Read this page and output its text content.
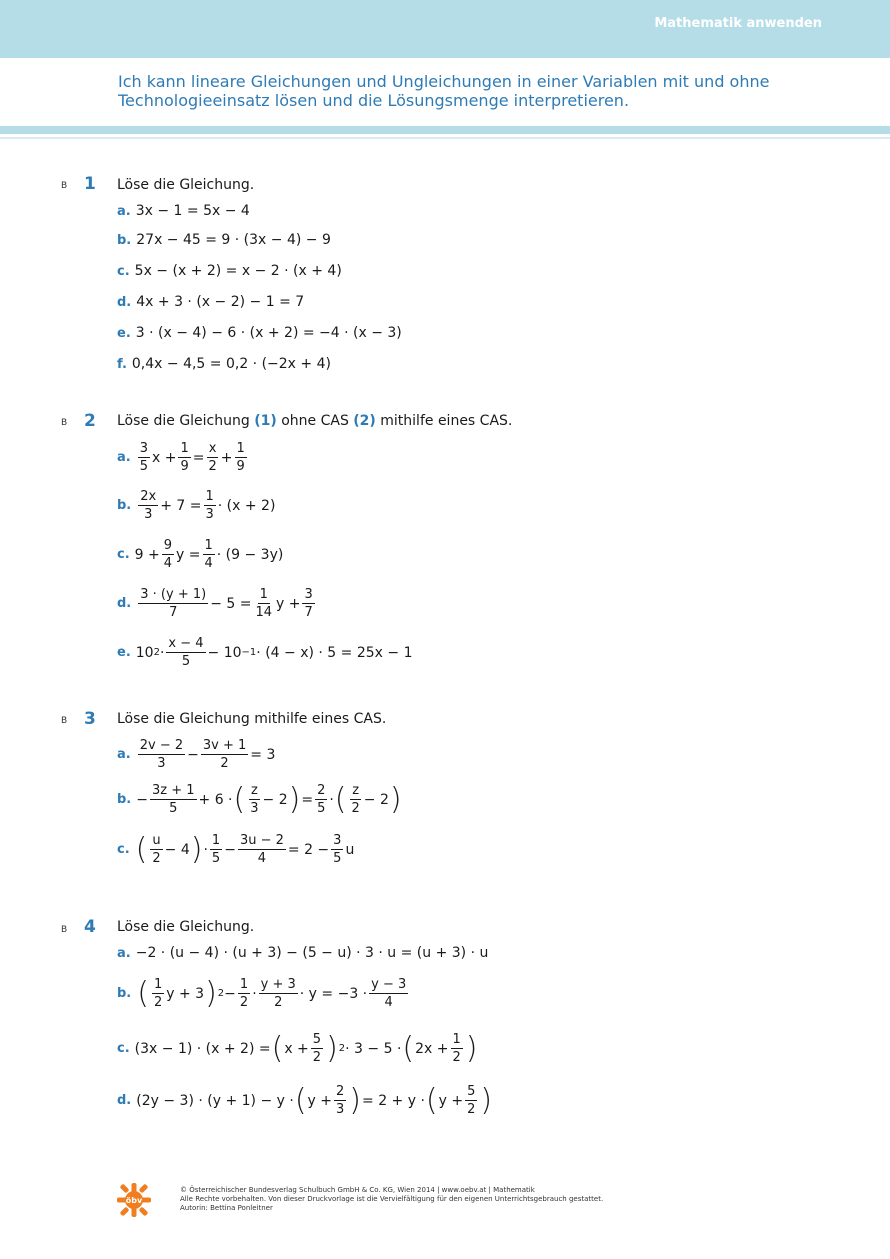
Mathematik anwenden
Ich kann lineare Gleichungen und Ungleichungen in einer Variablen mit und ohne Technologieeinsatz lösen und die Lösungsmenge interpretieren.
B 1 Löse die Gleichung.
a. 3x − 1 = 5x − 4
b. 27x − 45 = 9 · (3x − 4) − 9
c. 5x − (x + 2) = x − 2 · (x + 4)
d. 4x + 3 · (x − 2) − 1 = 7
e. 3 · (x − 4) − 6 · (x + 2) = −4 · (x − 3)
f. 0,4x − 4,5 = 0,2 · (−2x + 4)
B 2 Löse die Gleichung (1) ohne CAS (2) mithilfe eines CAS.
a.
3
5
x +
1
9
=
x
2
+
1
9
b.
2x
3
+ 7 =
1
3
· (x + 2)
c. 9 +
9
4
y =
1
4
· (9 − 3y)
d.
3 · (y + 1)
7
− 5 =
1
14
y +
3
7
e. 10 2 ·
x − 4
5
− 10 −1 · (4 − x) · 5 = 25x − 1
B 3 Löse die Gleichung mithilfe eines CAS.
a.
2v − 2
3
−
3v + 1
2
= 3
b. −
3z + 1
5
+ 6 · ( z
3
− 2 ) =
2
5
· ( z
2
− 2 )
c. ( u
2
− 4 ) ·
1
5
−
3u − 2
4
= 2 −
3
5
u
B 4 Löse die Gleichung.
a. −2 · (u − 4) · (u + 3) − (5 − u) · 3 · u = (u + 3) · u
b. ( 1
2
y + 3 ) 2 −
1
2
·
y + 3
2
· y = −3 ·
y − 3
4
c. (3x − 1) · (x + 2) = ( x +
5
2 ) 2 · 3 − 5 · ( 2x +
1
2 )
d. (2y − 3) · (y + 1) − y · ( y +
2
3 ) = 2 + y · ( y +
5
2 )
öbv
© Österreichischer Bundesverlag Schulbuch GmbH & Co. KG, Wien 2014 | www.oebv.at | Mathematik
Alle Rechte vorbehalten. Von dieser Druckvorlage ist die Vervielfältigung für den eigenen Unterrichtsgebrauch gestattet.
Autorin: Bettina Ponleitner
